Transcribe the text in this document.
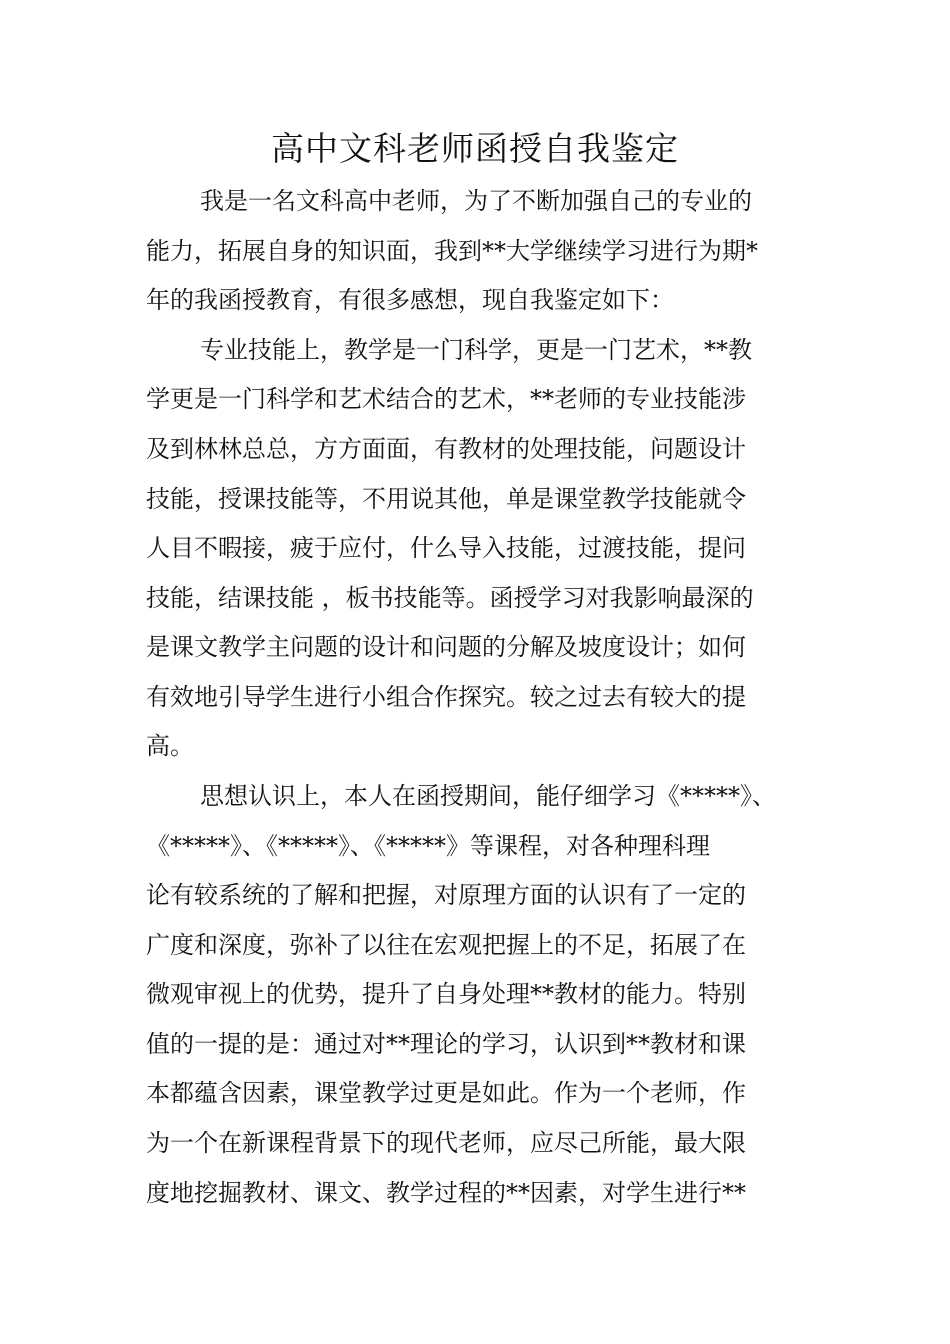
高中文科老师函授自我鉴定
我是一名文科高中老师，为了不断加强自己的专业的
能力，拓展自身的知识面，我到**大学继续学习进行为期*
年的我函授教育，有很多感想，现自我鉴定如下：
专业技能上，教学是一门科学，更是一门艺术，**教
学更是一门科学和艺术结合的艺术，**老师的专业技能涉
及到林林总总，方方面面，有教材的处理技能，问题设计
技能，授课技能等，不用说其他，单是课堂教学技能就令
人目不暇接，疲于应付，什么导入技能，过渡技能，提问
技能，结课技能 ，板书技能等。函授学习对我影响最深的
是课文教学主问题的设计和问题的分解及坡度设计；如何
有效地引导学生进行小组合作探究。较之过去有较大的提
高。
思想认识上，本人在函授期间，能仔细学习《*****》、
《*****》、《*****》、《*****》等课程，对各种理科理
论有较系统的了解和把握，对原理方面的认识有了一定的
广度和深度，弥补了以往在宏观把握上的不足，拓展了在
微观审视上的优势，提升了自身处理**教材的能力。特别
值的一提的是：通过对**理论的学习，认识到**教材和课
本都蕴含因素，课堂教学过更是如此。作为一个老师，作
为一个在新课程背景下的现代老师，应尽己所能，最大限
度地挖掘教材、课文、教学过程的**因素，对学生进行**
